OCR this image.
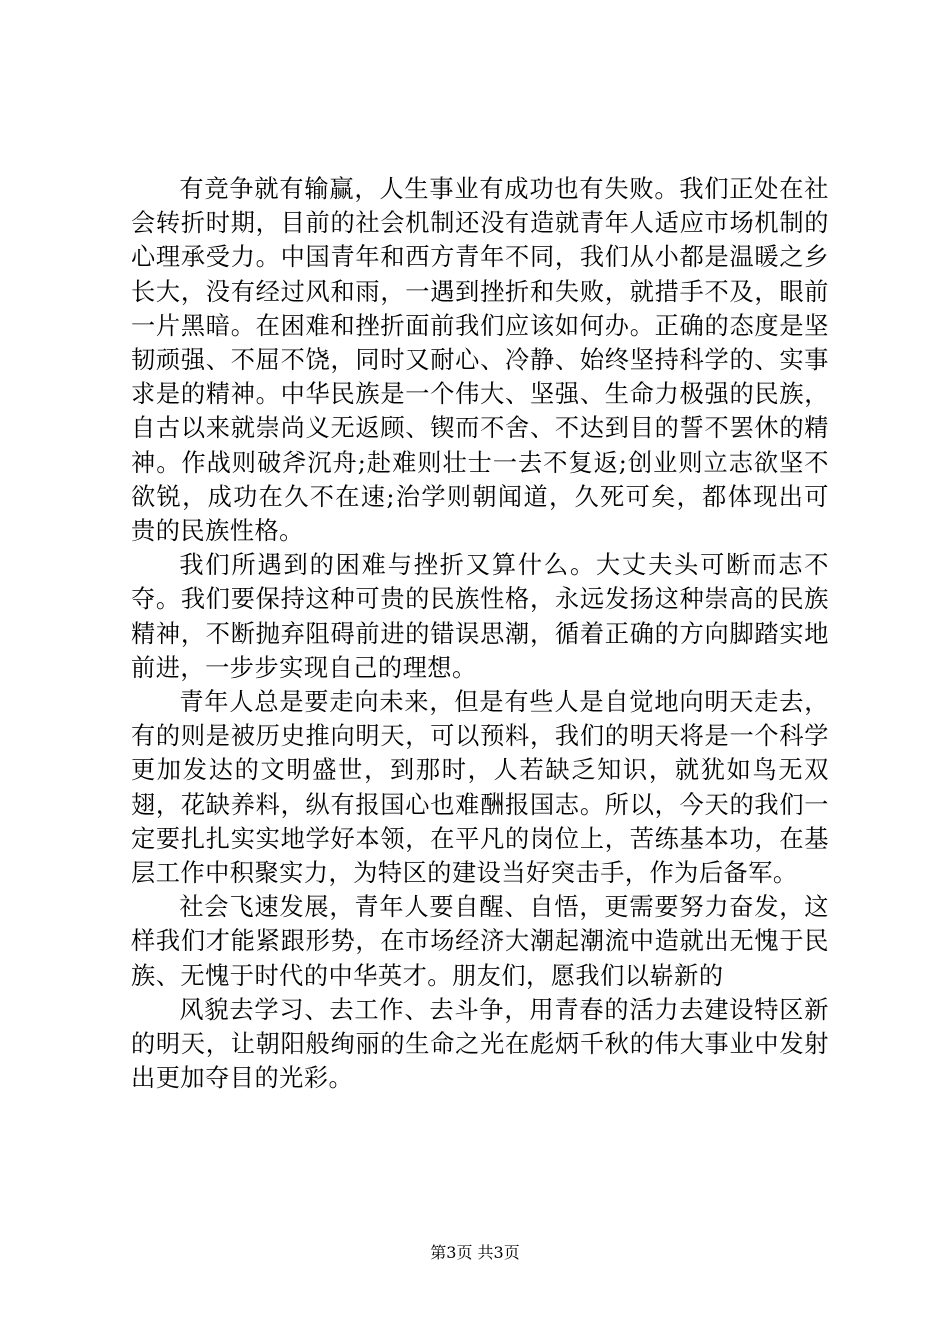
有竞争就有输赢，人生事业有成功也有失败。我们正处在社会转折时期，目前的社会机制还没有造就青年人适应市场机制的心理承受力。中国青年和西方青年不同，我们从小都是温暖之乡长大，没有经过风和雨，一遇到挫折和失败，就措手不及，眼前一片黑暗。在困难和挫折面前我们应该如何办。正确的态度是坚韧顽强、不屈不饶，同时又耐心、冷静、始终坚持科学的、实事求是的精神。中华民族是一个伟大、坚强、生命力极强的民族，自古以来就崇尚义无返顾、锲而不舍、不达到目的誓不罢休的精神。作战则破斧沉舟;赴难则壮士一去不复返;创业则立志欲坚不欲锐，成功在久不在速;治学则朝闻道，久死可矣，都体现出可贵的民族性格。

我们所遇到的困难与挫折又算什么。大丈夫头可断而志不夺。我们要保持这种可贵的民族性格，永远发扬这种崇高的民族精神，不断抛弃阻碍前进的错误思潮，循着正确的方向脚踏实地前进，一步步实现自己的理想。

青年人总是要走向未来，但是有些人是自觉地向明天走去，有的则是被历史推向明天，可以预料，我们的明天将是一个科学更加发达的文明盛世，到那时，人若缺乏知识，就犹如鸟无双翅，花缺养料，纵有报国心也难酬报国志。所以，今天的我们一定要扎扎实实地学好本领，在平凡的岗位上，苦练基本功，在基层工作中积聚实力，为特区的建设当好突击手，作为后备军。

社会飞速发展，青年人要自醒、自悟，更需要努力奋发，这样我们才能紧跟形势，在市场经济大潮起潮流中造就出无愧于民族、无愧于时代的中华英才。朋友们，愿我们以崭新的

风貌去学习、去工作、去斗争，用青春的活力去建设特区新的明天，让朝阳般绚丽的生命之光在彪炳千秋的伟大事业中发射出更加夺目的光彩。

第3页 共3页
